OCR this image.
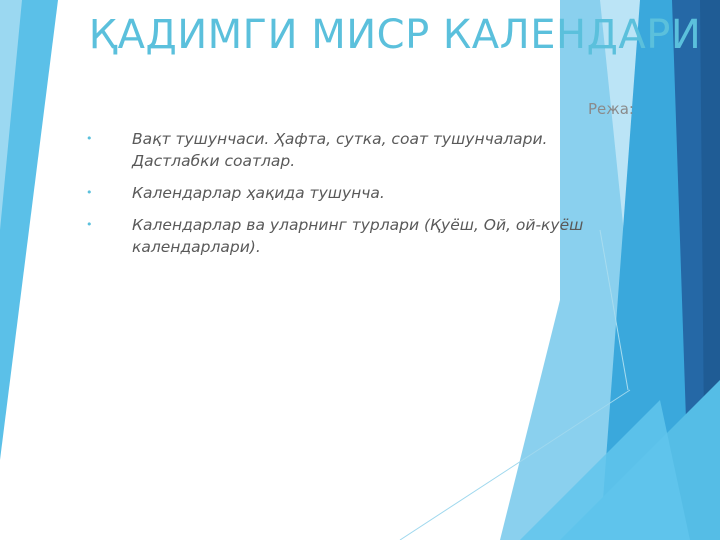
ҚАДИМГИ МИСР КАЛЕНДАРИ
Режа:
•	Вақт тушунчаси. Ҳафта, сутка, соат тушунчалари. Дастлабки соатлар.
•	Календарлар ҳақида тушунча.
•	Календарлар ва уларнинг турлари (Қуёш, Ой, ой-куёш календарлари).
